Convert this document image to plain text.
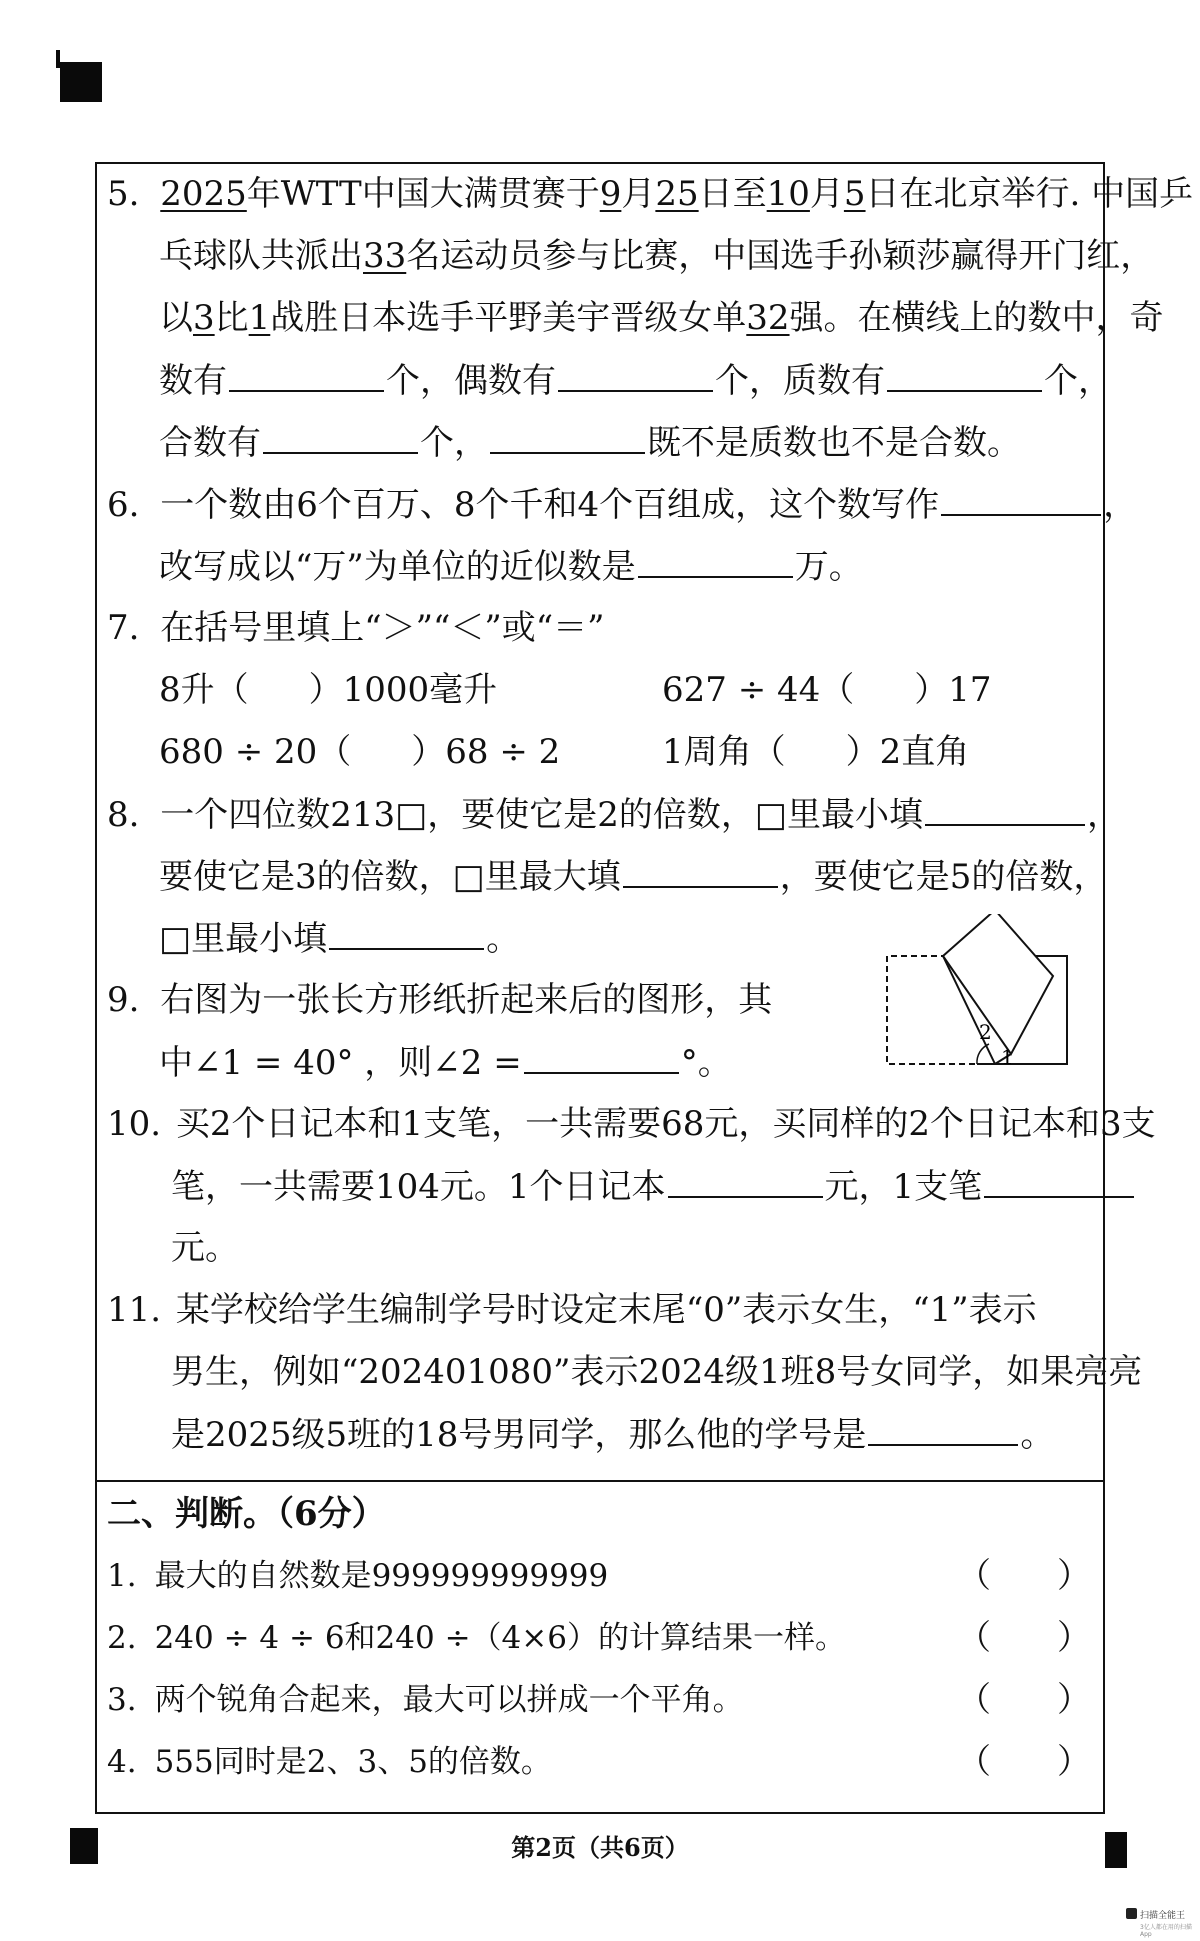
5. 2025年WTT中国大满贯赛于9月25日至10月5日在北京举行. 中国乒
乓球队共派出33名运动员参与比赛，中国选手孙颖莎赢得开门红，
以3比1战胜日本选手平野美宇晋级女单32强。在横线上的数中，奇
数有	个，偶数有	个，质数有	个，
合数有	个，	既不是质数也不是合数。
6. 一个数由6个百万、8个千和4个百组成，这个数写作	，
改写成以“万”为单位的近似数是	万。
7. 在括号里填上“＞”“＜”或“＝”
8升（ ）1000毫升	627 ÷ 44（ ）17
680 ÷ 20（ ）68 ÷ 2	1周角（ ）2直角
8. 一个四位数213□，要使它是2的倍数，□里最小填	，
要使它是3的倍数，□里最大填	，要使它是5的倍数，
□里最小填	。
9. 右图为一张长方形纸折起来后的图形，其
中∠1 = 40° ，则∠2 =	°。
2
1
10. 买2个日记本和1支笔，一共需要68元，买同样的2个日记本和3支
笔，一共需要104元。1个日记本	元，1支笔
元。
11. 某学校给学生编制学号时设定末尾“0”表示女生，“1”表示
男生，例如“202401080”表示2024级1班8号女同学，如果亮亮
是2025级5班的18号男同学，那么他的学号是	。
二、判断。（6分）
1. 最大的自然数是999999999999	（ ）
2. 240 ÷ 4 ÷ 6和240 ÷（4×6）的计算结果一样。	（ ）
3. 两个锐角合起来，最大可以拼成一个平角。	（ ）
4. 555同时是2、3、5的倍数。	（ ）
第2页（共6页）
扫描全能王
3亿人都在用的扫描App
